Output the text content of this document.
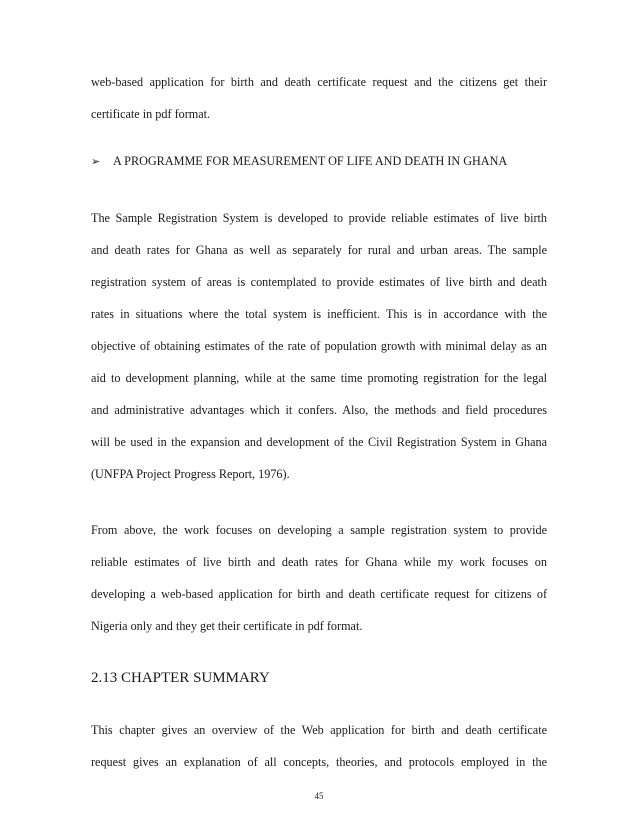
web-based application for birth and death certificate request and the citizens get their
certificate in pdf format.
➢ A PROGRAMME FOR MEASUREMENT OF LIFE AND DEATH IN GHANA
The Sample Registration System is developed to provide reliable estimates of live birth
and death rates for Ghana as well as separately for rural and urban areas. The sample
registration system of areas is contemplated to provide estimates of live birth and death
rates in situations where the total system is inefficient. This is in accordance with the
objective of obtaining estimates of the rate of population growth with minimal delay as an
aid to development planning, while at the same time promoting registration for the legal
and administrative advantages which it confers. Also, the methods and field procedures
will be used in the expansion and development of the Civil Registration System in Ghana
(UNFPA Project Progress Report, 1976).
From above, the work focuses on developing a sample registration system to provide
reliable estimates of live birth and death rates for Ghana while my work focuses on
developing a web-based application for birth and death certificate request for citizens of
Nigeria only and they get their certificate in pdf format.
2.13 CHAPTER SUMMARY
This chapter gives an overview of the Web application for birth and death certificate
request gives an explanation of all concepts, theories, and protocols employed in the
45
